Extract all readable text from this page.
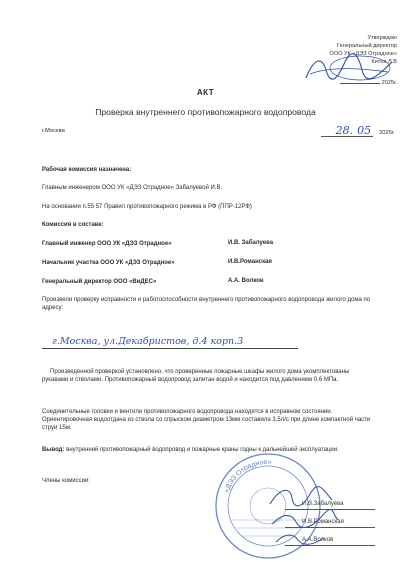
Утверждаю
Генеральный директор
ООО УК «ДЭЗ Отрадное»
Китня Л.В
2025г.
АКТ
Проверка внутреннего противопожарного водопровода
г.Москва	28. 05 2025г.
Рабочая комиссия назначена:
Главным инженером ООО УК «ДЭЗ Отрадное» Забалуевой И.В.
На основании п.55 57 Правил противопожарного режима в РФ (ППР-12РФ)
Комиссия в составе:
Главный инженер ООО УК «ДЭЗ Отрадное»	И.В. Забалуева
Начальник участка ООО УК «ДЭЗ Отрадное»	И.В.Романская
Генеральный директор ООО «ВиДЕС»	А.А. Волков
Произвели проверку исправности и работоспособности внутреннего противопожарного водопровода жилого дома по адресу:
г.Москва, ул.Декабристов, д.4 корп.3
Произведенной проверкой установлено, что проверенные пожарные шкафы жилого дома укомплектованы рукавами и стволами. Противопожарный водопровод запитан водой и находится под давлением 0.6 МПа.
Соединительные головки и вентили противопожарного водопровода находятся в исправном состоянии. Ориентировочная водоотдача из ствола со спрыском диаметром 13мм составила 3,5л/с при длине компактной части струи 15м.
Вывод: внутренний противопожарный водопровод и пожарные краны годны к дальнейшей эксплуатации.
Члены комиссии:
«ДЭЗ Отрадное»
И.В.Забалуева
И.В.Романская
А.А.Волков
